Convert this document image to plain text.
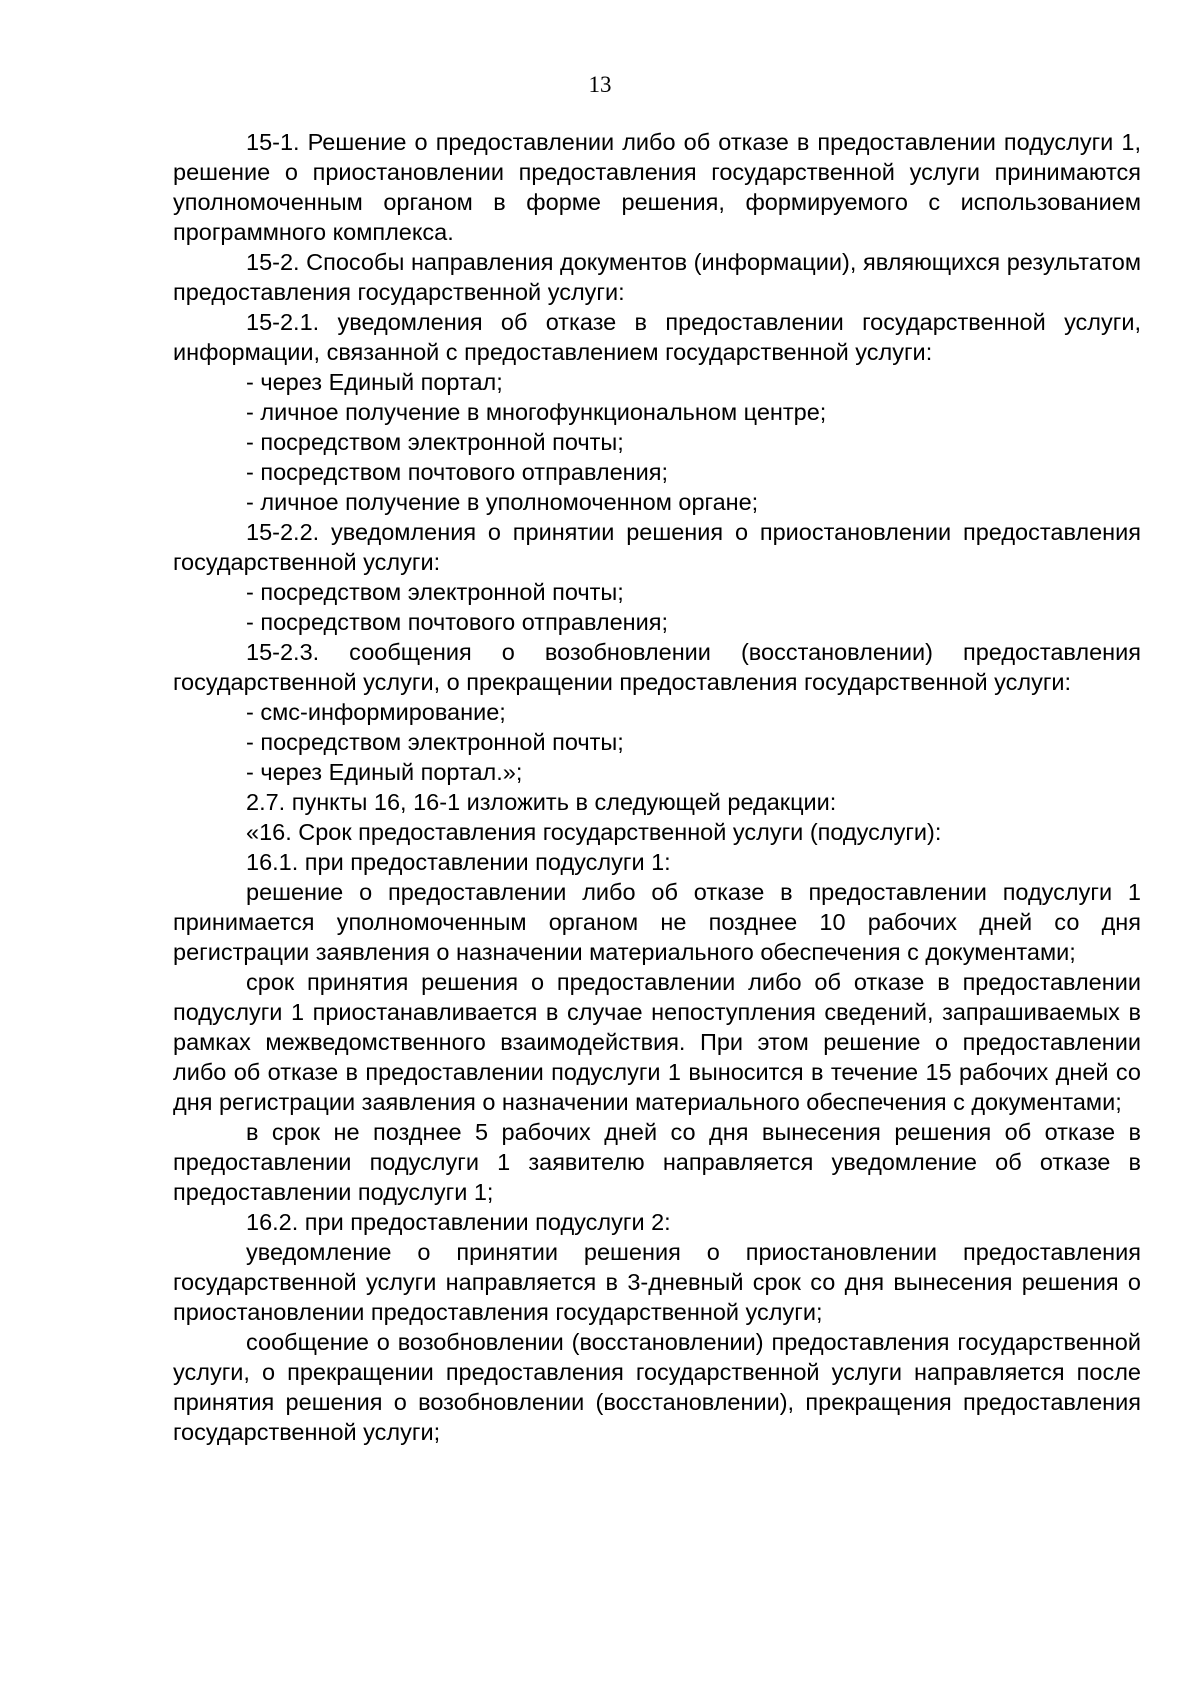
13

15-1. Решение о предоставлении либо об отказе в предоставлении подуслуги 1, решение о приостановлении предоставления государственной услуги принимаются уполномоченным органом в форме решения, формируемого с использованием программного комплекса.

15-2. Способы направления документов (информации), являющихся результатом предоставления государственной услуги:

15-2.1. уведомления об отказе в предоставлении государственной услуги, информации, связанной с предоставлением государственной услуги:

- через Единый портал;

- личное получение в многофункциональном центре;

- посредством электронной почты;

- посредством почтового отправления;

- личное получение в уполномоченном органе;

15-2.2. уведомления о принятии решения о приостановлении предоставления государственной услуги:

- посредством электронной почты;

- посредством почтового отправления;

15-2.3. сообщения о возобновлении (восстановлении) предоставления государственной услуги, о прекращении предоставления государственной услуги:

- смс-информирование;

- посредством электронной почты;

- через Единый портал.»;

2.7. пункты 16, 16-1 изложить в следующей редакции:

«16. Срок предоставления государственной услуги (подуслуги):

16.1. при предоставлении подуслуги 1:

решение о предоставлении либо об отказе в предоставлении подуслуги 1 принимается уполномоченным органом не позднее 10 рабочих дней со дня регистрации заявления о назначении материального обеспечения с документами;

срок принятия решения о предоставлении либо об отказе в предоставлении подуслуги 1 приостанавливается в случае непоступления сведений, запрашиваемых в рамках межведомственного взаимодействия. При этом решение о предоставлении либо об отказе в предоставлении подуслуги 1 выносится в течение 15 рабочих дней со дня регистрации заявления о назначении материального обеспечения с документами;

в срок не позднее 5 рабочих дней со дня вынесения решения об отказе в предоставлении подуслуги 1 заявителю направляется уведомление об отказе в предоставлении подуслуги 1;

16.2. при предоставлении подуслуги 2:

уведомление о принятии решения о приостановлении предоставления государственной услуги направляется в 3-дневный срок со дня вынесения решения о приостановлении предоставления государственной услуги;

сообщение о возобновлении (восстановлении) предоставления государственной услуги, о прекращении предоставления государственной услуги направляется после принятия решения о возобновлении (восстановлении), прекращения предоставления государственной услуги;
